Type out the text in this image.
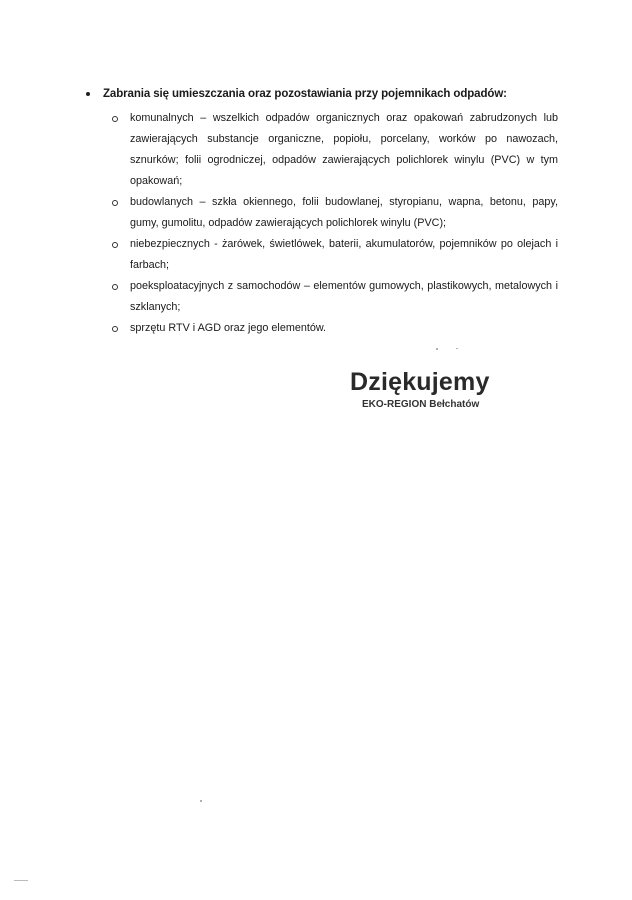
Zabrania się umieszczania oraz pozostawiania przy pojemnikach odpadów:
komunalnych – wszelkich odpadów organicznych oraz opakowań zabrudzonych lub zawierających substancje organiczne, popiołu, porcelany, worków po nawozach, sznurków; folii ogrodniczej, odpadów zawierających polichlorek winylu (PVC) w tym opakowań;
budowlanych – szkła okiennego, folii budowlanej, styropianu, wapna, betonu, papy, gumy, gumolitu, odpadów zawierających polichlorek winylu (PVC);
niebezpiecznych - żarówek, świetlówek, baterii, akumulatorów, pojemników po olejach i farbach;
poeksploatacyjnych z samochodów – elementów gumowych, plastikowych, metalowych i szklanych;
sprzętu RTV i AGD oraz jego elementów.
Dziękujemy
EKO-REGION Bełchatów
